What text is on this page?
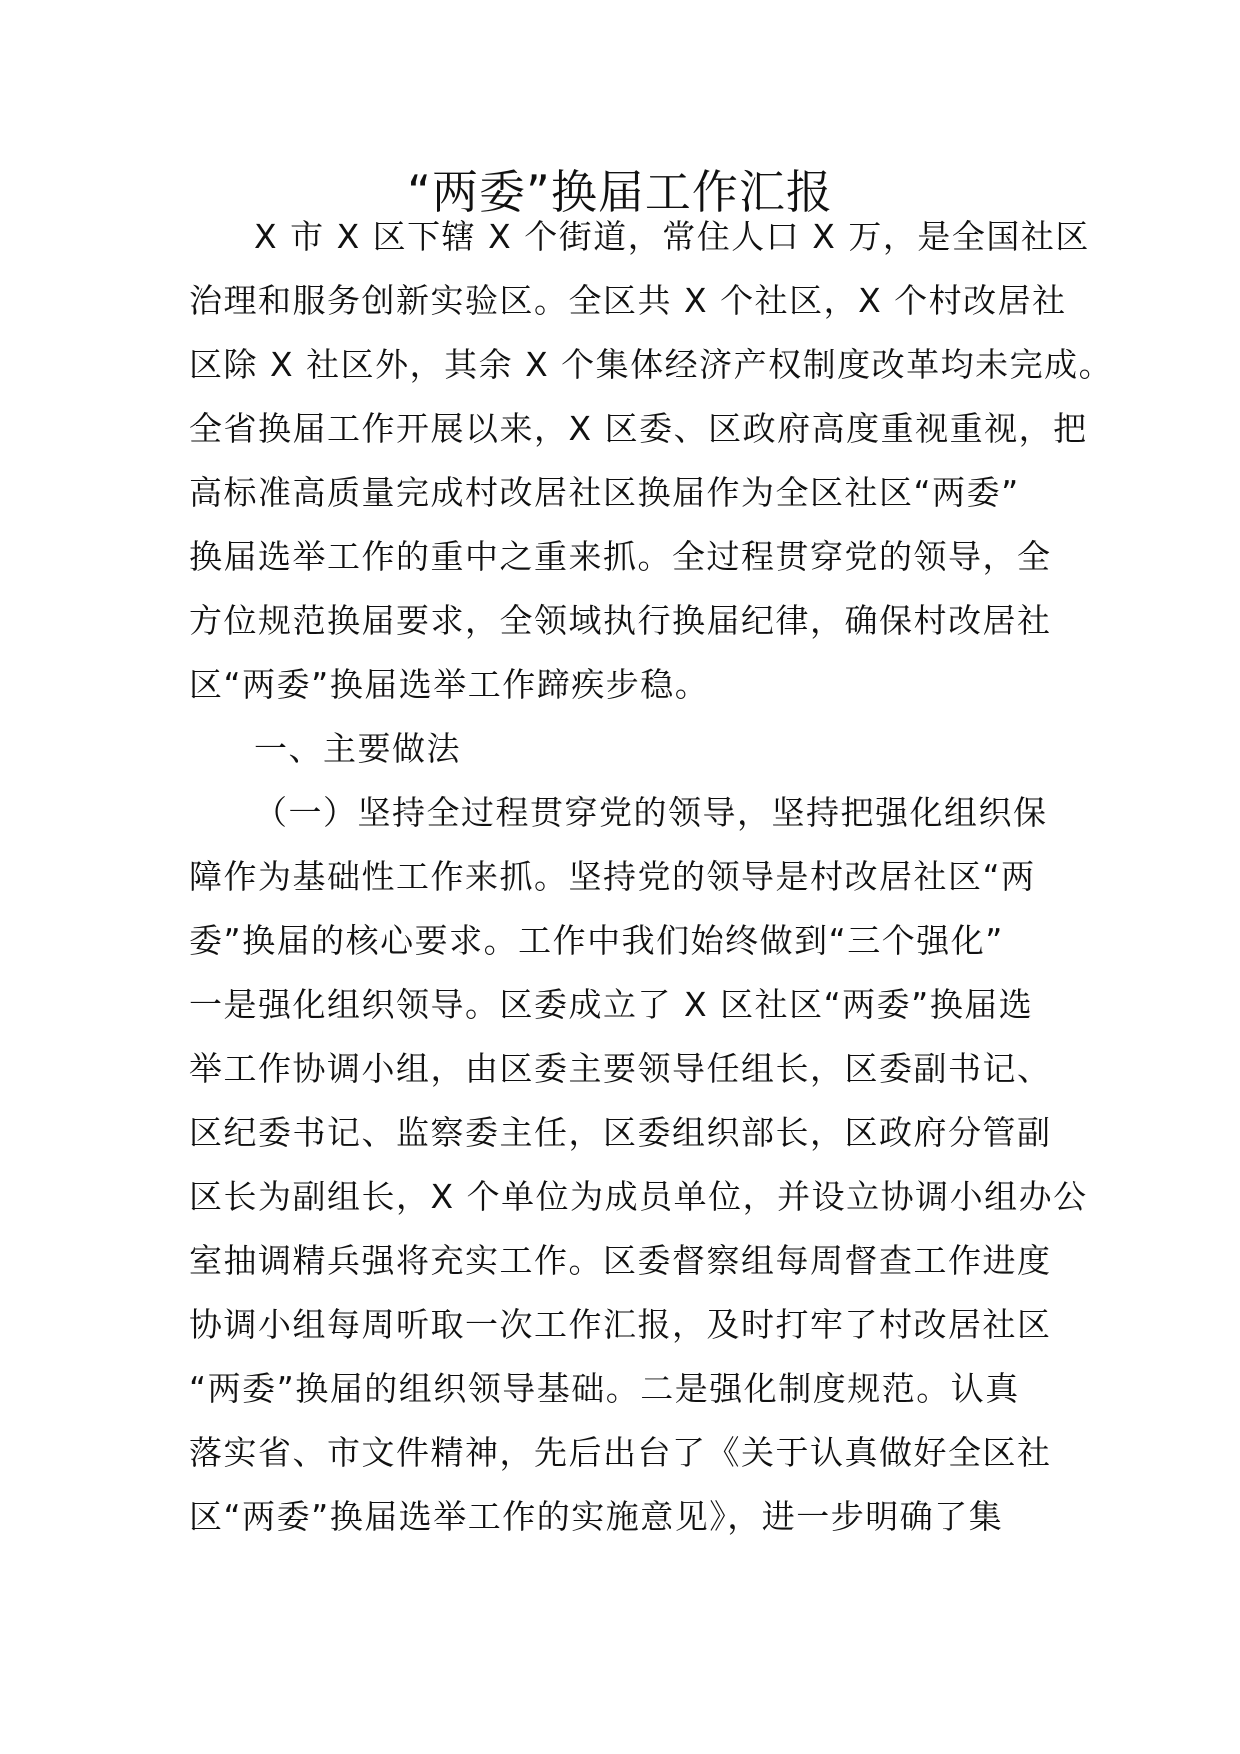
“两委”换届工作汇报

X 市 X 区下辖 X 个街道，常住人口 X 万，是全国社区

治理和服务创新实验区。全区共 X 个社区，X 个村改居社

区除 X 社区外，其余 X 个集体经济产权制度改革均未完成。

全省换届工作开展以来，X 区委、区政府高度重视重视，把

高标准高质量完成村改居社区换届作为全区社区“两委”

换届选举工作的重中之重来抓。全过程贯穿党的领导，全

方位规范换届要求，全领域执行换届纪律，确保村改居社

区“两委”换届选举工作蹄疾步稳。

一、主要做法

（一）坚持全过程贯穿党的领导，坚持把强化组织保

障作为基础性工作来抓。坚持党的领导是村改居社区“两

委”换届的核心要求。工作中我们始终做到“三个强化”

一是强化组织领导。区委成立了 X 区社区“两委”换届选

举工作协调小组，由区委主要领导任组长，区委副书记、

区纪委书记、监察委主任，区委组织部长，区政府分管副

区长为副组长，X 个单位为成员单位，并设立协调小组办公

室抽调精兵强将充实工作。区委督察组每周督查工作进度

协调小组每周听取一次工作汇报，及时打牢了村改居社区

“两委”换届的组织领导基础。二是强化制度规范。认真

落实省、市文件精神，先后出台了《关于认真做好全区社

区“两委”换届选举工作的实施意见》，进一步明确了集
